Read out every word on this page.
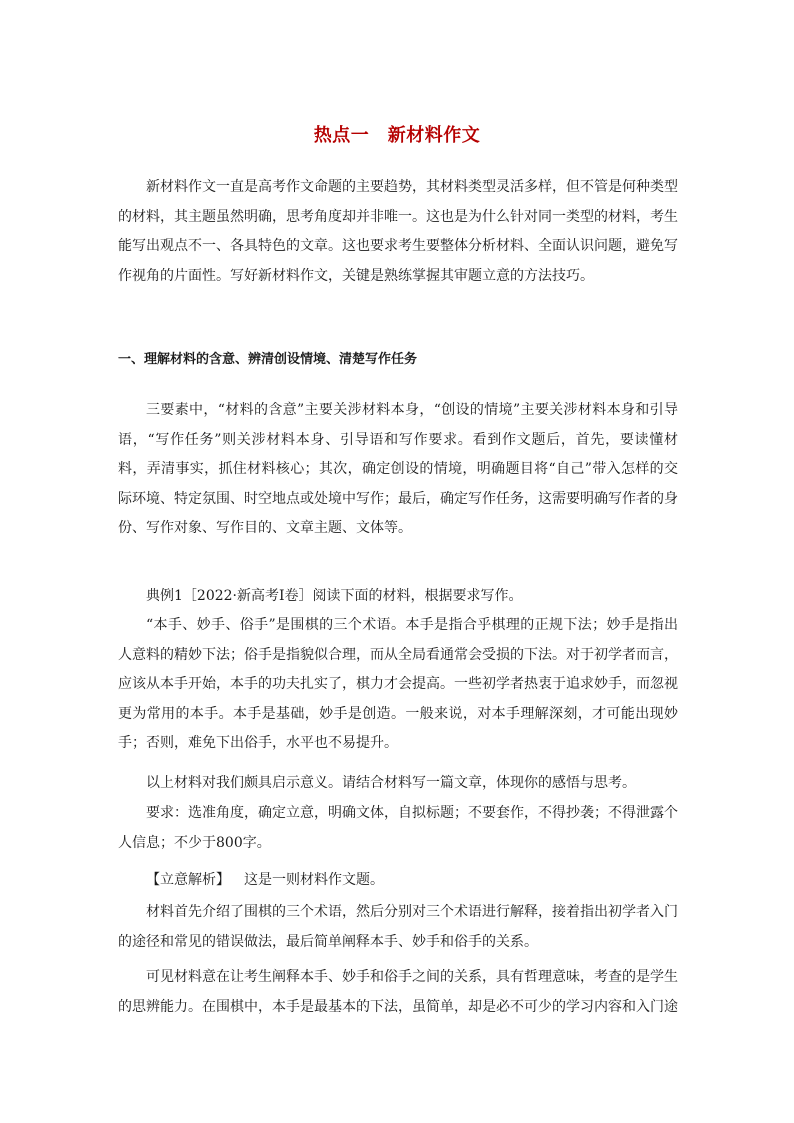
热点一　新材料作文
新材料作文一直是高考作文命题的主要趋势，其材料类型灵活多样，但不管是何种类型的材料，其主题虽然明确，思考角度却并非唯一。这也是为什么针对同一类型的材料，考生能写出观点不一、各具特色的文章。这也要求考生要整体分析材料、全面认识问题，避免写作视角的片面性。写好新材料作文，关键是熟练掌握其审题立意的方法技巧。
一、理解材料的含意、辨清创设情境、清楚写作任务
三要素中，“材料的含意”主要关涉材料本身，“创设的情境”主要关涉材料本身和引导语，“写作任务”则关涉材料本身、引导语和写作要求。看到作文题后，首先，要读懂材料，弄清事实，抓住材料核心；其次，确定创设的情境，明确题目将“自己”带入怎样的交际环境、特定氛围、时空地点或处境中写作；最后，确定写作任务，这需要明确写作者的身份、写作对象、写作目的、文章主题、文体等。
典例1［2022·新高考Ⅰ卷］阅读下面的材料，根据要求写作。
“本手、妙手、俗手”是围棋的三个术语。本手是指合乎棋理的正规下法；妙手是指出人意料的精妙下法；俗手是指貌似合理，而从全局看通常会受损的下法。对于初学者而言，应该从本手开始，本手的功夫扎实了，棋力才会提高。一些初学者热衷于追求妙手，而忽视更为常用的本手。本手是基础，妙手是创造。一般来说，对本手理解深刻，才可能出现妙手；否则，难免下出俗手，水平也不易提升。
以上材料对我们颇具启示意义。请结合材料写一篇文章，体现你的感悟与思考。
要求：选准角度，确定立意，明确文体，自拟标题；不要套作，不得抄袭；不得泄露个人信息；不少于800字。
【立意解析】 这是一则材料作文题。
材料首先介绍了围棋的三个术语，然后分别对三个术语进行解释，接着指出初学者入门的途径和常见的错误做法，最后简单阐释本手、妙手和俗手的关系。
可见材料意在让考生阐释本手、妙手和俗手之间的关系，具有哲理意味，考查的是学生的思辨能力。在围棋中，本手是最基本的下法，虽简单，却是必不可少的学习内容和入门途
